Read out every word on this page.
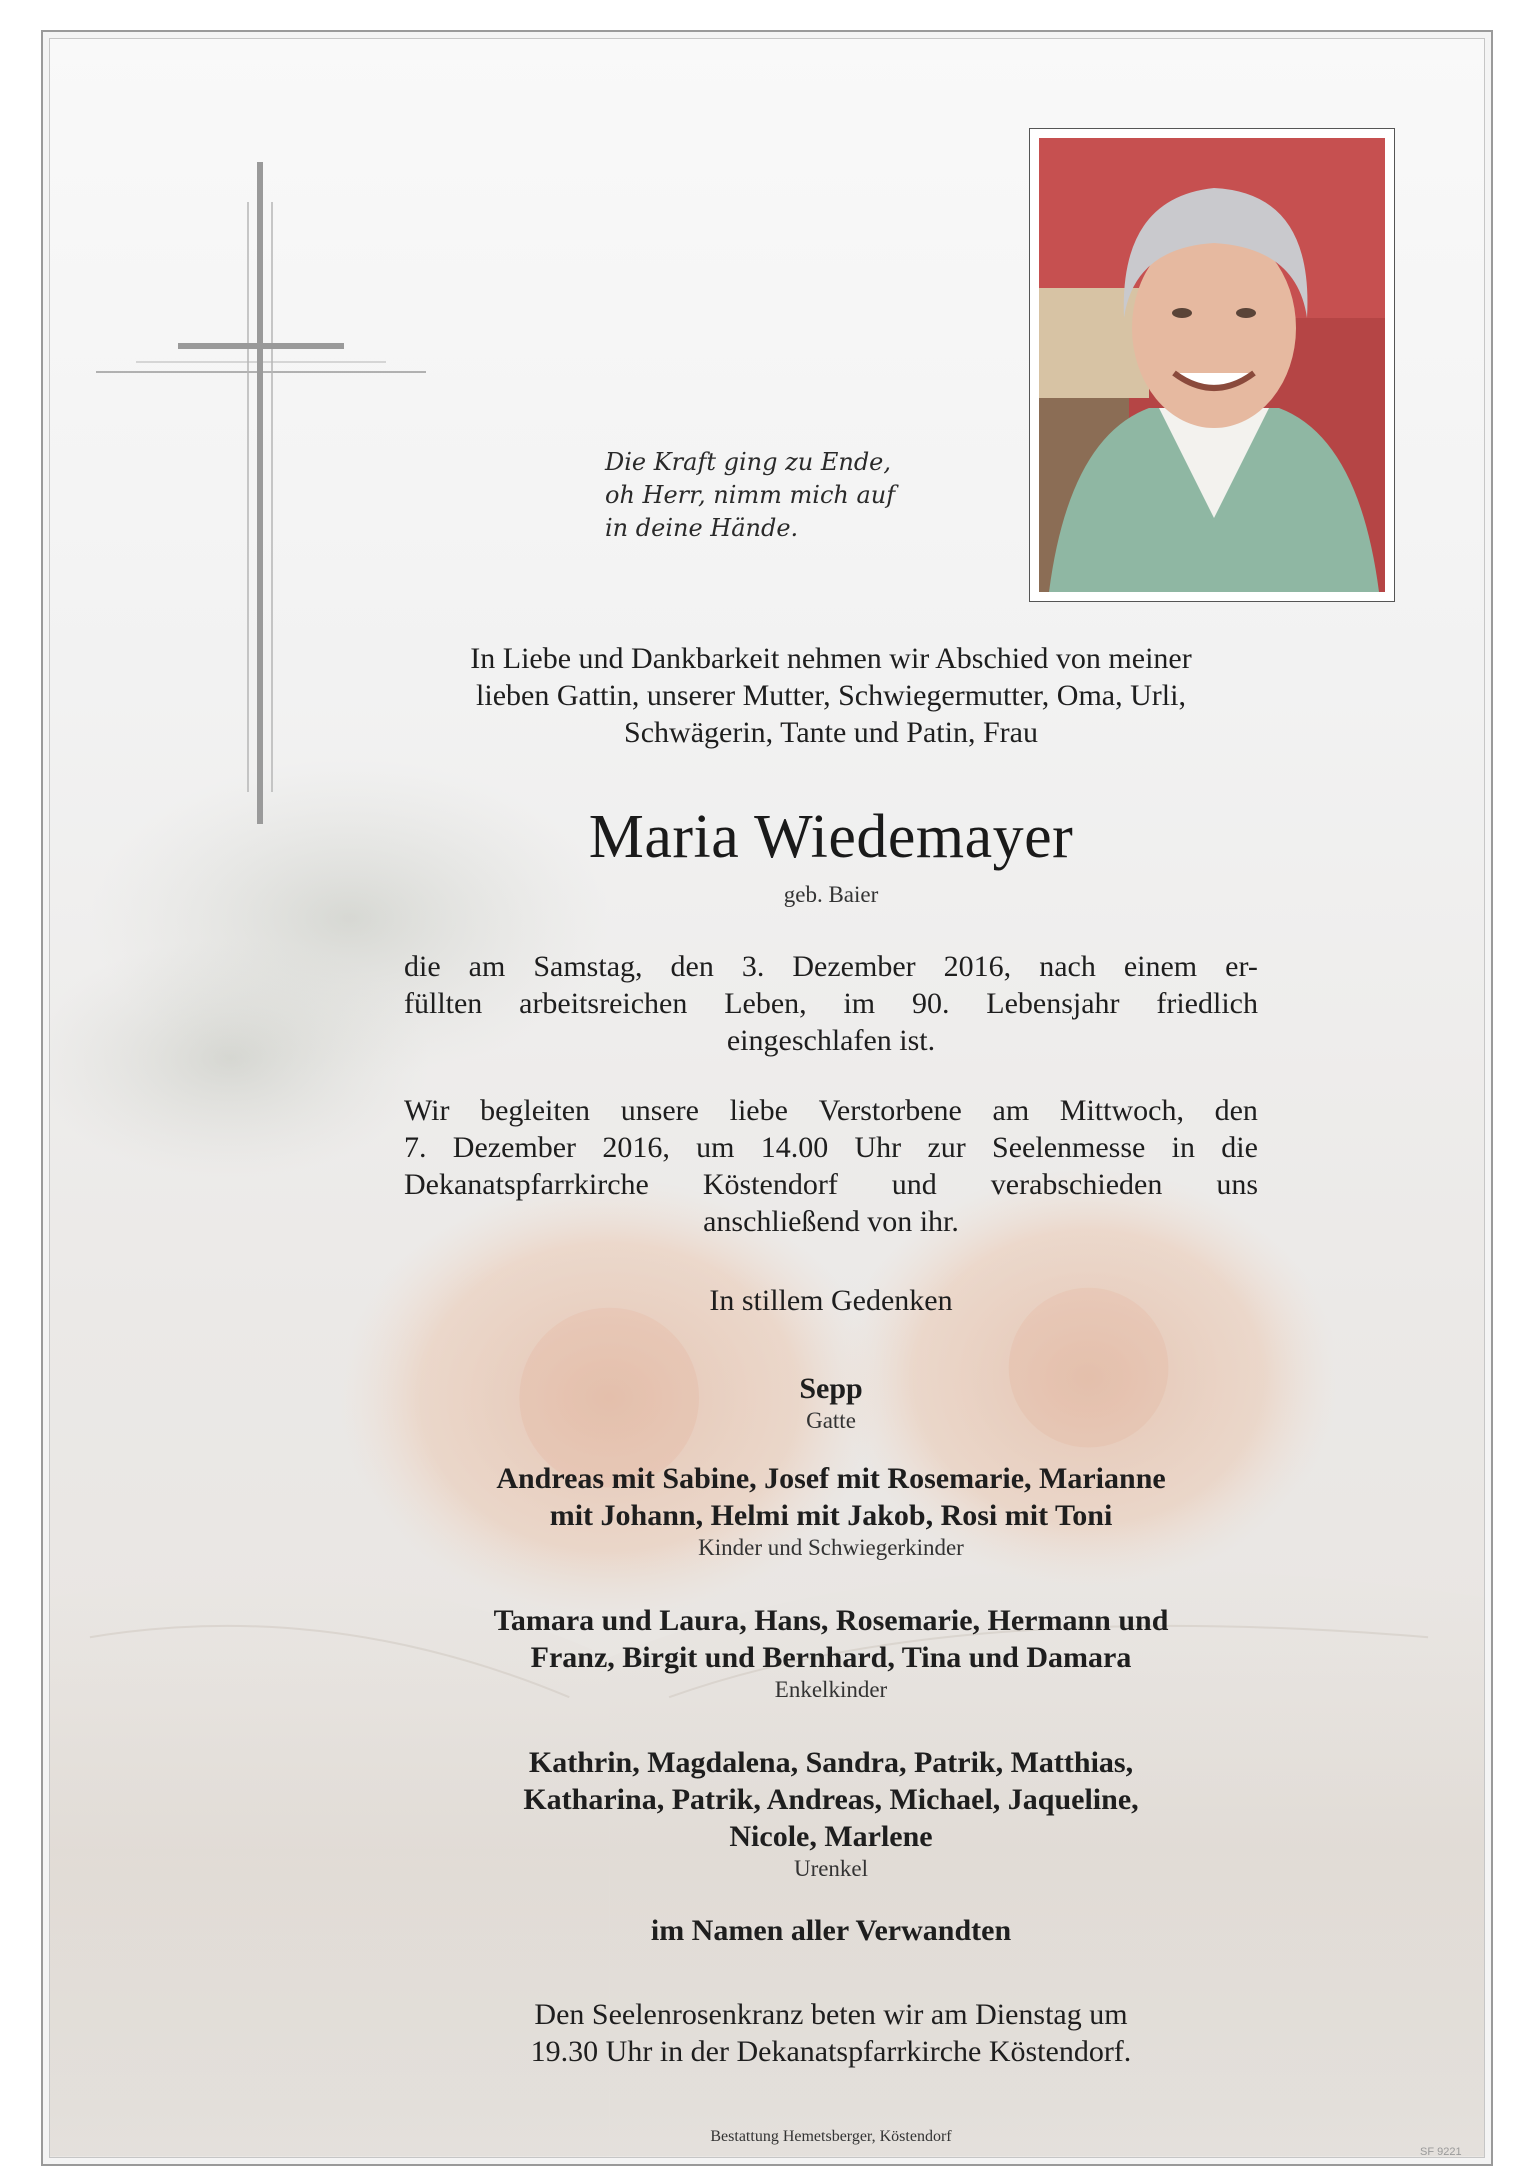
Die Kraft ging zu Ende,
oh Herr, nimm mich auf
in deine Hände.
In Liebe und Dankbarkeit nehmen wir Abschied von meiner
lieben Gattin, unserer Mutter, Schwiegermutter, Oma, Urli,
Schwägerin, Tante und Patin, Frau
Maria Wiedemayer
geb. Baier
die am Samstag, den 3. Dezember 2016, nach einem er-
füllten arbeitsreichen Leben, im 90. Lebensjahr friedlich
eingeschlafen ist.
Wir begleiten unsere liebe Verstorbene am Mittwoch, den
7. Dezember 2016, um 14.00 Uhr zur Seelenmesse in die
Dekanatspfarrkirche Köstendorf und verabschieden uns
anschließend von ihr.
In stillem Gedenken
Sepp
Gatte
Andreas mit Sabine, Josef mit Rosemarie, Marianne
mit Johann, Helmi mit Jakob, Rosi mit Toni
Kinder und Schwiegerkinder
Tamara und Laura, Hans, Rosemarie, Hermann und
Franz, Birgit und Bernhard, Tina und Damara
Enkelkinder
Kathrin, Magdalena, Sandra, Patrik, Matthias,
Katharina, Patrik, Andreas, Michael, Jaqueline,
Nicole, Marlene
Urenkel
im Namen aller Verwandten
Den Seelenrosenkranz beten wir am Dienstag um
19.30 Uhr in der Dekanatspfarrkirche Köstendorf.
Bestattung Hemetsberger, Köstendorf
SF 9221
